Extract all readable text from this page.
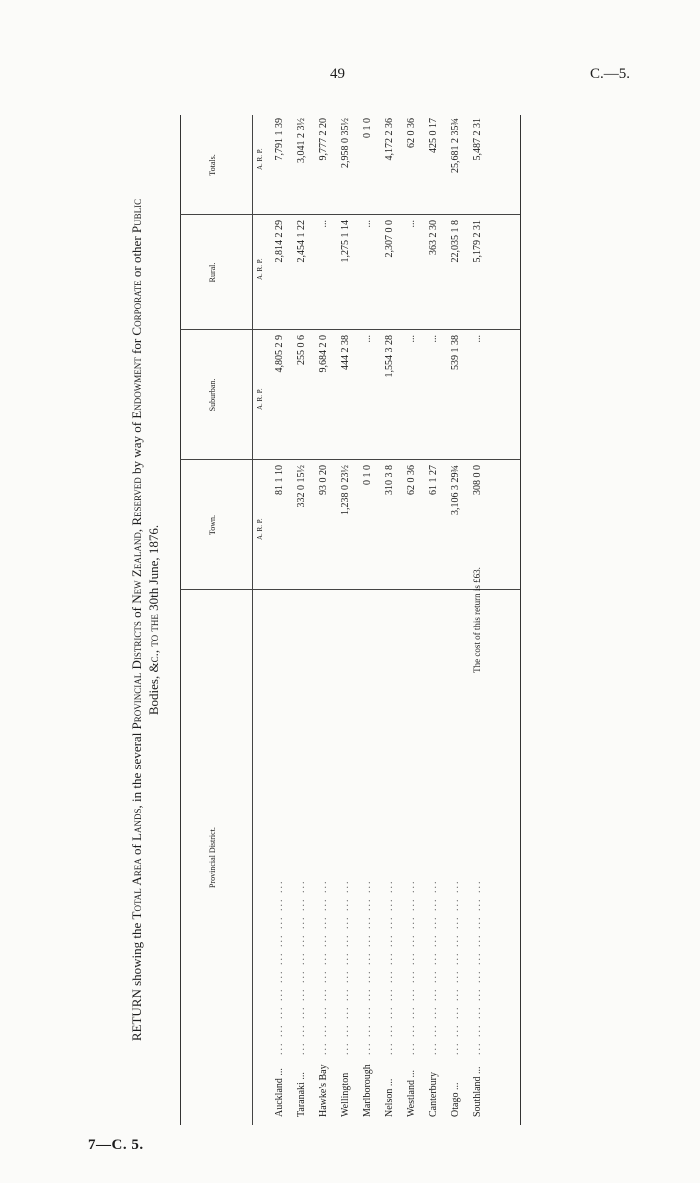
49	C.—5.
7—C. 5.
RETURN showing the Total Area of Lands, in the several Provincial Districts of New Zealand, Reserved by way of Endowment for Corporate or other Public
Bodies, &c., to the 30th June, 1876.
Provincial District.
Town.
Suburban.
Rural.
Totals.
A. R. P.
A. R. P.
A. R. P.
A. R. P.
Auckland ...
... ... ... ... ... ... ... ... ... ...
81 1 10
4,805 2 9
2,814 2 29
7,791 1 39
Taranaki ...
... ... ... ... ... ... ... ... ... ...
332 0 15½
255 0 6
2,454 1 22
3,041 2 3½
Hawke's Bay
... ... ... ... ... ... ... ... ... ...
93 0 20
9,684 2 0
...
9,777 2 20
Wellington
... ... ... ... ... ... ... ... ... ...
1,238 0 23½
444 2 38
1,275 1 14
2,958 0 35½
Marlborough
... ... ... ... ... ... ... ... ... ...
0 1 0
...
...
0 1 0
Nelson ...
... ... ... ... ... ... ... ... ... ...
310 3 8
1,554 3 28
2,307 0 0
4,172 2 36
Westland ...
... ... ... ... ... ... ... ... ... ...
62 0 36
...
...
62 0 36
Canterbury
... ... ... ... ... ... ... ... ... ...
61 1 27
...
363 2 30
425 0 17
Otago ...
... ... ... ... ... ... ... ... ... ...
3,106 3 29¾
539 1 38
22,035 1 8
25,681 2 35¾
Southland ...
... ... ... ... ... ... ... ... ... ...
308 0 0
...
5,179 2 31
5,487 2 31
The cost of this return is £63.
